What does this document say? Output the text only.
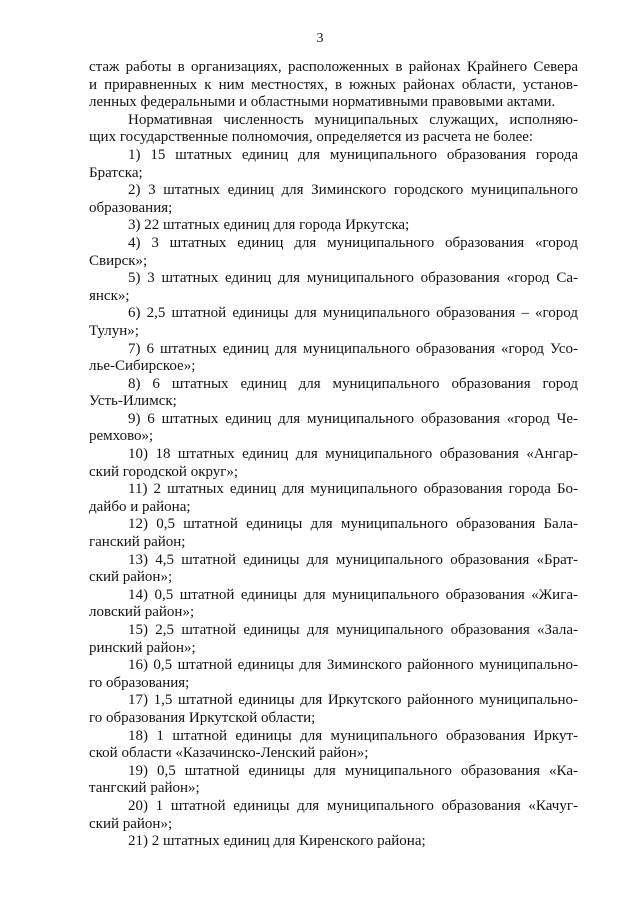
3
стаж работы в организациях, расположенных в районах Крайнего Севера
и приравненных к ним местностях, в южных районах области, установ-
ленных федеральными и областными нормативными правовыми актами.
Нормативная численность муниципальных служащих, исполняю-
щих государственные полномочия, определяется из расчета не более:
1) 15 штатных единиц для муниципального образования города
Братска;
2) 3 штатных единиц для Зиминского городского муниципального
образования;
3) 22 штатных единиц для города Иркутска;
4) 3 штатных единиц для муниципального образования «город
Свирск»;
5) 3 штатных единиц для муниципального образования «город Са-
янск»;
6) 2,5 штатной единицы для муниципального образования – «город
Тулун»;
7) 6 штатных единиц для муниципального образования «город Усо-
лье-Сибирское»;
8) 6 штатных единиц для муниципального образования город
Усть-Илимск;
9) 6 штатных единиц для муниципального образования «город Че-
ремхово»;
10) 18 штатных единиц для муниципального образования «Ангар-
ский городской округ»;
11) 2 штатных единиц для муниципального образования города Бо-
дайбо и района;
12) 0,5 штатной единицы для муниципального образования Бала-
ганский район;
13) 4,5 штатной единицы для муниципального образования «Брат-
ский район»;
14) 0,5 штатной единицы для муниципального образования «Жига-
ловский район»;
15) 2,5 штатной единицы для муниципального образования «Зала-
ринский район»;
16) 0,5 штатной единицы для Зиминского районного муниципально-
го образования;
17) 1,5 штатной единицы для Иркутского районного муниципально-
го образования Иркутской области;
18) 1 штатной единицы для муниципального образования Иркут-
ской области «Казачинско-Ленский район»;
19) 0,5 штатной единицы для муниципального образования «Ка-
тангский район»;
20) 1 штатной единицы для муниципального образования «Качуг-
ский район»;
21) 2 штатных единиц для Киренского района;
